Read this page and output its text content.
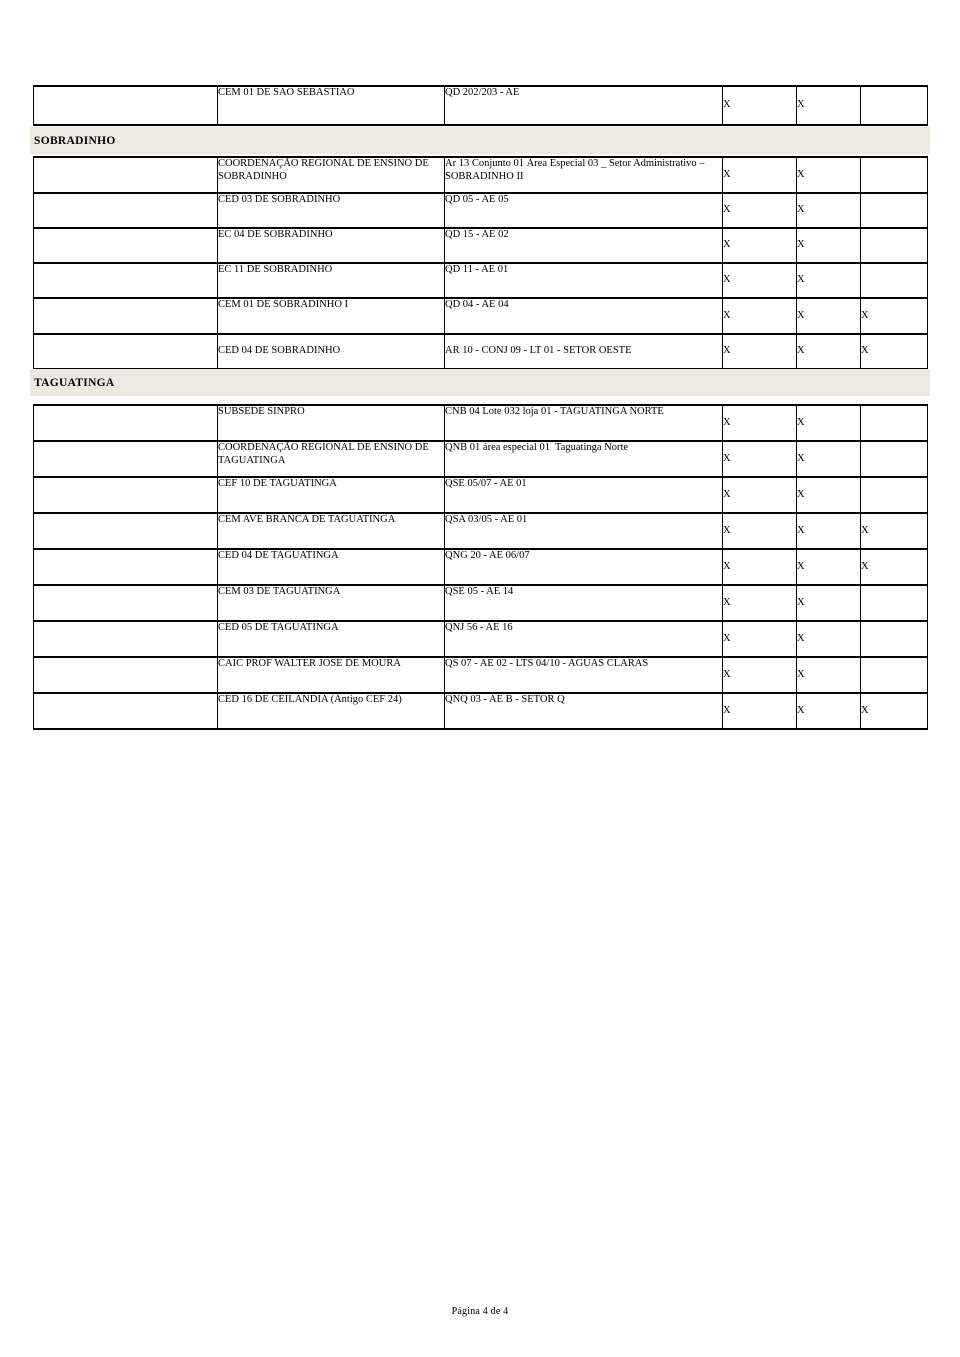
	CEM 01 DE SAO SEBASTIAO	QD 202/203 - AE	X	X	
SOBRADINHO
	COORDENAÇÃO REGIONAL DE ENSINO DE SOBRADINHO	Ar 13 Conjunto 01 Área Especial 03 _ Setor Administrativo – SOBRADINHO II	X	X	
	CED 03 DE SOBRADINHO	QD 05 - AE 05	X	X	
	EC 04 DE SOBRADINHO	QD 15 - AE 02	X	X	
	EC 11 DE SOBRADINHO	QD 11 - AE 01	X	X	
	CEM 01 DE SOBRADINHO I	QD 04 - AE 04	X	X	X
	CED 04 DE SOBRADINHO	AR 10 - CONJ 09 - LT 01 - SETOR OESTE	X	X	X
TAGUATINGA
	SUBSEDE SINPRO	CNB 04 Lote 032 loja 01 - TAGUATINGA NORTE	X	X	
	COORDENAÇÃO REGIONAL DE ENSINO DE TAGUATINGA	QNB 01 área especial 01  Taguatinga Norte	X	X	
	CEF 10 DE TAGUATINGA	QSE 05/07 - AE 01	X	X	
	CEM AVE BRANCA DE TAGUATINGA	QSA 03/05 - AE 01	X	X	X
	CED 04 DE TAGUATINGA	QNG 20 - AE 06/07	X	X	X
	CEM 03 DE TAGUATINGA	QSE 05 - AE 14	X	X	
	CED 05 DE TAGUATINGA	QNJ 56 - AE 16	X	X	
	CAIC PROF WALTER JOSE DE MOURA	QS 07 - AE 02 - LTS 04/10 - AGUAS CLARAS	X	X	
	CED 16 DE CEILANDIA (Antigo CEF 24)	QNQ 03 - AE B - SETOR Q	X	X	X
Página 4 de 4
